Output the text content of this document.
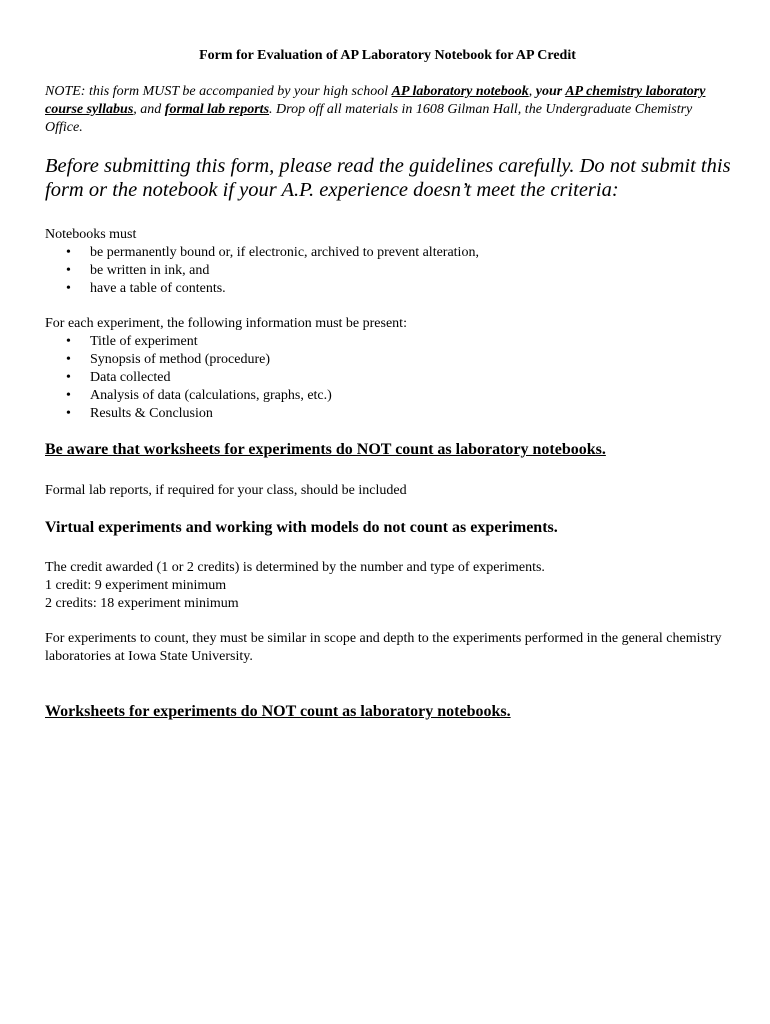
Form for Evaluation of AP Laboratory Notebook for AP Credit
NOTE: this form MUST be accompanied by your high school AP laboratory notebook, your AP chemistry laboratory course syllabus, and formal lab reports. Drop off all materials in 1608 Gilman Hall, the Undergraduate Chemistry Office.
Before submitting this form, please read the guidelines carefully. Do not submit this form or the notebook if your A.P. experience doesn’t meet the criteria:
Notebooks must
• be permanently bound or, if electronic, archived to prevent alteration,
• be written in ink, and
• have a table of contents.
For each experiment, the following information must be present:
• Title of experiment
• Synopsis of method (procedure)
• Data collected
• Analysis of data (calculations, graphs, etc.)
• Results & Conclusion
Be aware that worksheets for experiments do NOT count as laboratory notebooks.
Formal lab reports, if required for your class, should be included
Virtual experiments and working with models do not count as experiments.
The credit awarded (1 or 2 credits) is determined by the number and type of experiments.
1 credit: 9 experiment minimum
2 credits: 18 experiment minimum
For experiments to count, they must be similar in scope and depth to the experiments performed in the general chemistry laboratories at Iowa State University.
Worksheets for experiments do NOT count as laboratory notebooks.
